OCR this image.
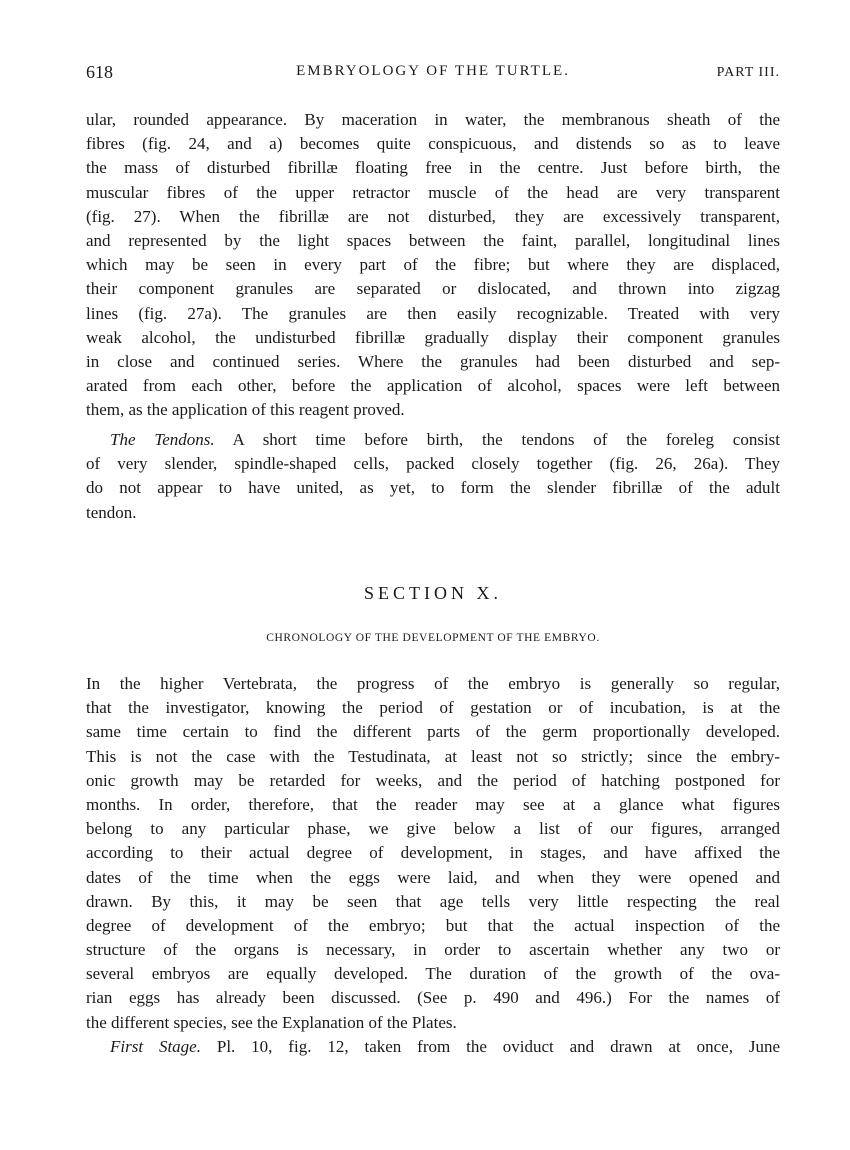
618	EMBRYOLOGY OF THE TURTLE.	PART III.
ular, rounded appearance. By maceration in water, the membranous sheath of the
fibres (fig. 24, and a) becomes quite conspicuous, and distends so as to leave
the mass of disturbed fibrillæ floating free in the centre. Just before birth, the
muscular fibres of the upper retractor muscle of the head are very transparent
(fig. 27). When the fibrillæ are not disturbed, they are excessively transparent,
and represented by the light spaces between the faint, parallel, longitudinal lines
which may be seen in every part of the fibre; but where they are displaced,
their component granules are separated or dislocated, and thrown into zigzag
lines (fig. 27a). The granules are then easily recognizable. Treated with very
weak alcohol, the undisturbed fibrillæ gradually display their component granules
in close and continued series. Where the granules had been disturbed and sep-
arated from each other, before the application of alcohol, spaces were left between
them, as the application of this reagent proved.
The Tendons. A short time before birth, the tendons of the foreleg consist
of very slender, spindle-shaped cells, packed closely together (fig. 26, 26a). They
do not appear to have united, as yet, to form the slender fibrillæ of the adult
tendon.
SECTION X.
CHRONOLOGY OF THE DEVELOPMENT OF THE EMBRYO.
In the higher Vertebrata, the progress of the embryo is generally so regular,
that the investigator, knowing the period of gestation or of incubation, is at the
same time certain to find the different parts of the germ proportionally developed.
This is not the case with the Testudinata, at least not so strictly; since the embry-
onic growth may be retarded for weeks, and the period of hatching postponed for
months. In order, therefore, that the reader may see at a glance what figures
belong to any particular phase, we give below a list of our figures, arranged
according to their actual degree of development, in stages, and have affixed the
dates of the time when the eggs were laid, and when they were opened and
drawn. By this, it may be seen that age tells very little respecting the real
degree of development of the embryo; but that the actual inspection of the
structure of the organs is necessary, in order to ascertain whether any two or
several embryos are equally developed. The duration of the growth of the ova-
rian eggs has already been discussed. (See p. 490 and 496.) For the names of
the different species, see the Explanation of the Plates.
First Stage. Pl. 10, fig. 12, taken from the oviduct and drawn at once, June
